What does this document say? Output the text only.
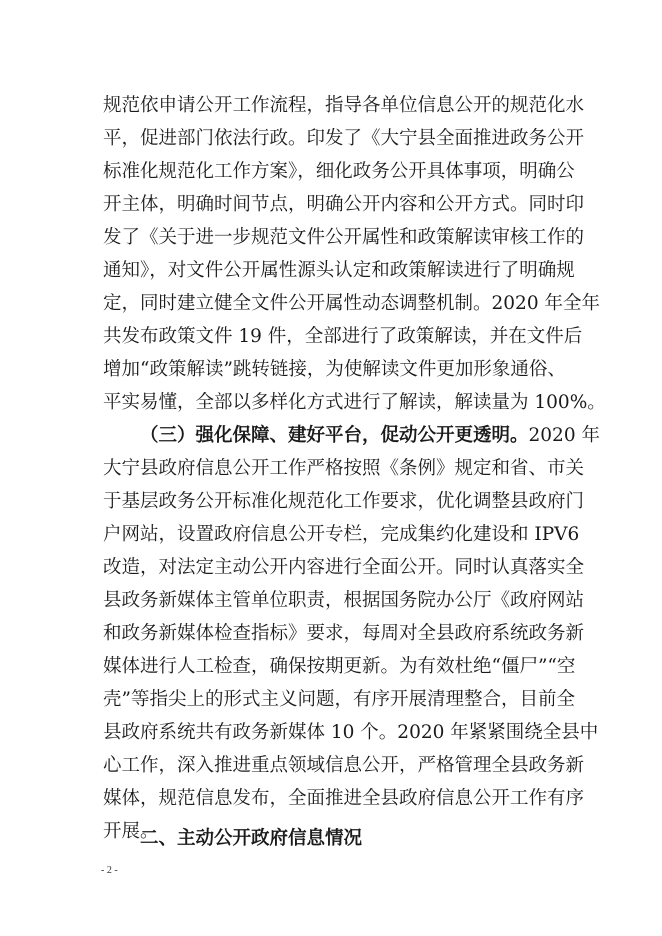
规范依申请公开工作流程，指导各单位信息公开的规范化水
平，促进部门依法行政。印发了《大宁县全面推进政务公开
标准化规范化工作方案》，细化政务公开具体事项，明确公
开主体，明确时间节点，明确公开内容和公开方式。同时印
发了《关于进一步规范文件公开属性和政策解读审核工作的
通知》，对文件公开属性源头认定和政策解读进行了明确规
定，同时建立健全文件公开属性动态调整机制。2020 年全年
共发布政策文件 19 件，全部进行了政策解读，并在文件后
增加“政策解读”跳转链接，为使解读文件更加形象通俗、
平实易懂，全部以多样化方式进行了解读，解读量为 100%。
（三）强化保障、建好平台，促动公开更透明。2020 年
大宁县政府信息公开工作严格按照《条例》规定和省、市关
于基层政务公开标准化规范化工作要求，优化调整县政府门
户网站，设置政府信息公开专栏，完成集约化建设和 IPV6
改造，对法定主动公开内容进行全面公开。同时认真落实全
县政务新媒体主管单位职责，根据国务院办公厅《政府网站
和政务新媒体检查指标》要求，每周对全县政府系统政务新
媒体进行人工检查，确保按期更新。为有效杜绝“僵尸”“空
壳”等指尖上的形式主义问题，有序开展清理整合，目前全
县政府系统共有政务新媒体 10 个。2020 年紧紧围绕全县中
心工作，深入推进重点领域信息公开，严格管理全县政务新
媒体，规范信息发布，全面推进全县政府信息公开工作有序
开展。
二、主动公开政府信息情况
- 2 -
